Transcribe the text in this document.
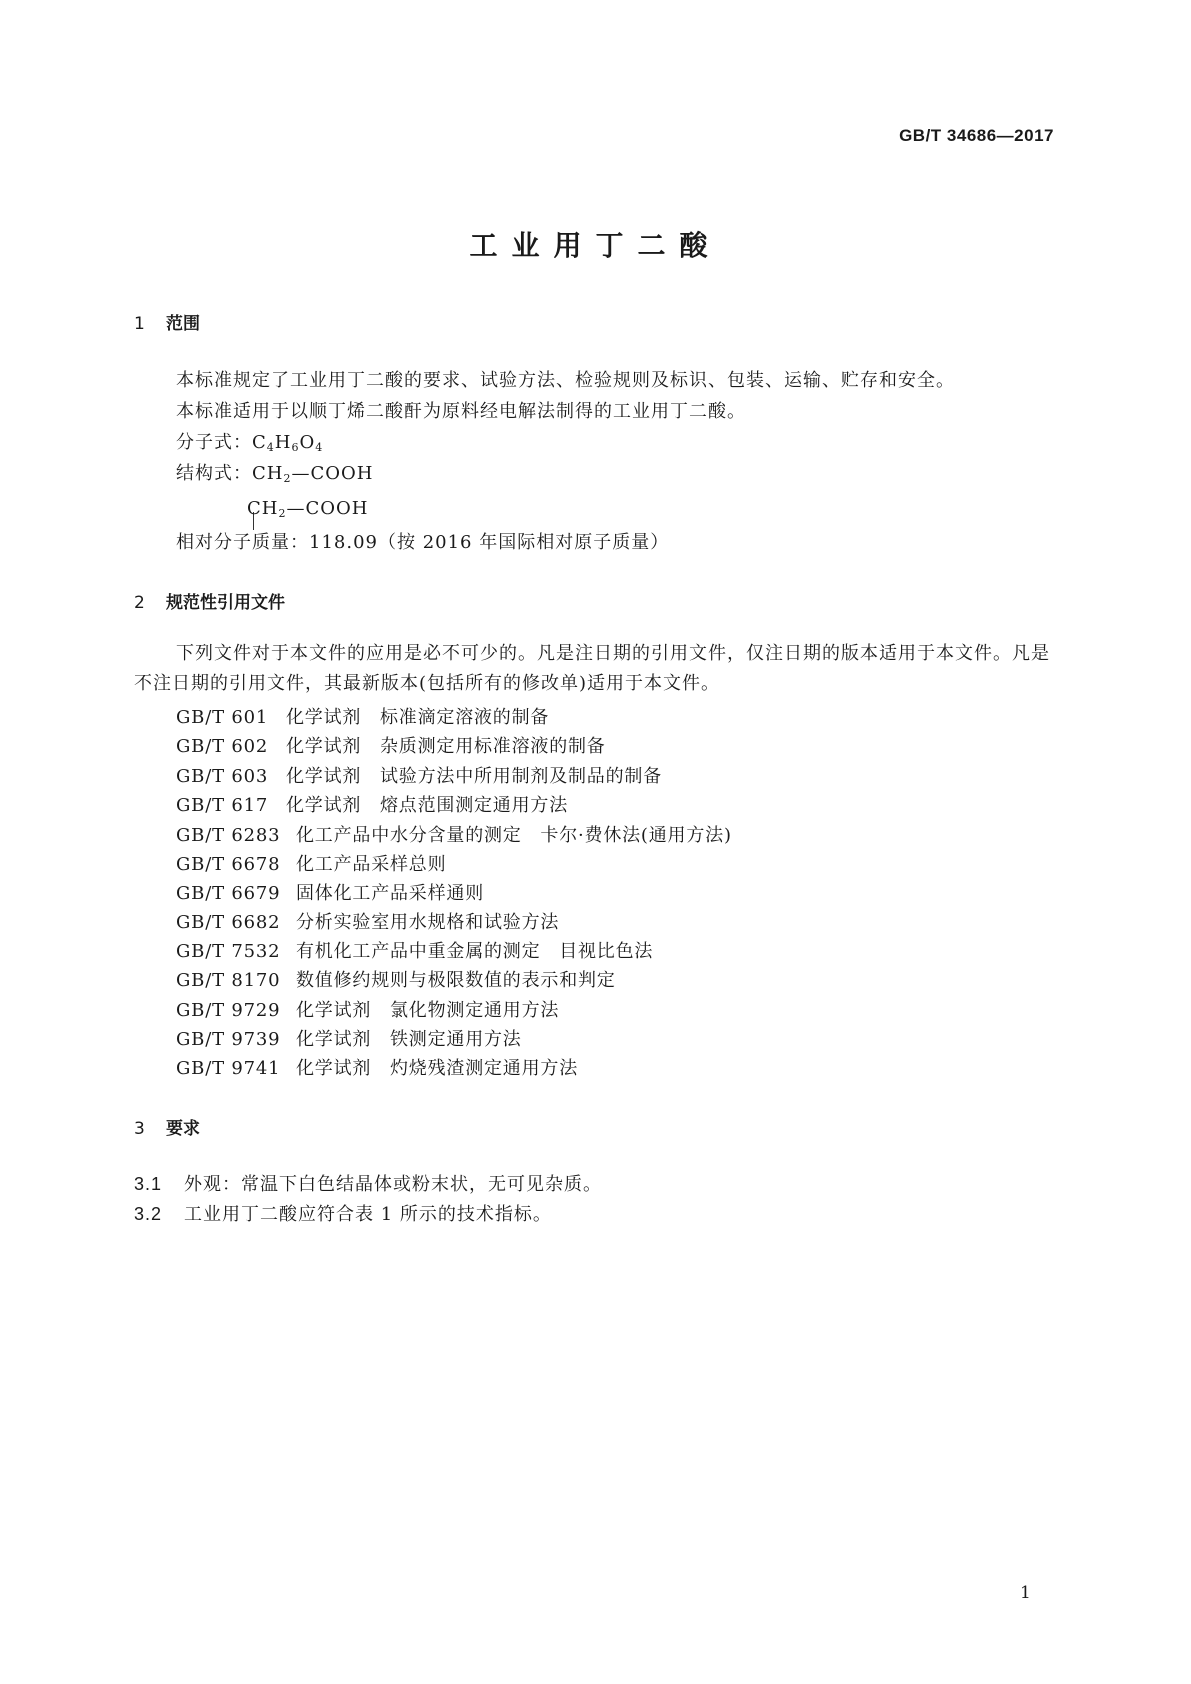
GB/T 34686—2017
工业用丁二酸
1 范围
本标准规定了工业用丁二酸的要求、试验方法、检验规则及标识、包装、运输、贮存和安全。
本标准适用于以顺丁烯二酸酐为原料经电解法制得的工业用丁二酸。
分子式：$C_4H_6O_4$
结构式：$CH_2—COOH$
$CH_2—COOH$
相对分子质量：118.09（按 2016 年国际相对原子质量）
2 规范性引用文件
下列文件对于本文件的应用是必不可少的。凡是注日期的引用文件，仅注日期的版本适用于本文件。凡是不注日期的引用文件，其最新版本(包括所有的修改单)适用于本文件。
GB/T 601 化学试剂　标准滴定溶液的制备
GB/T 602 化学试剂　杂质测定用标准溶液的制备
GB/T 603 化学试剂　试验方法中所用制剂及制品的制备
GB/T 617 化学试剂　熔点范围测定通用方法
GB/T 6283 化工产品中水分含量的测定　卡尔·费休法(通用方法)
GB/T 6678 化工产品采样总则
GB/T 6679 固体化工产品采样通则
GB/T 6682 分析实验室用水规格和试验方法
GB/T 7532 有机化工产品中重金属的测定　目视比色法
GB/T 8170 数值修约规则与极限数值的表示和判定
GB/T 9729 化学试剂　氯化物测定通用方法
GB/T 9739 化学试剂　铁测定通用方法
GB/T 9741 化学试剂　灼烧残渣测定通用方法
3 要求
3.1 外观：常温下白色结晶体或粉末状，无可见杂质。
3.2 工业用丁二酸应符合表 1 所示的技术指标。
1
